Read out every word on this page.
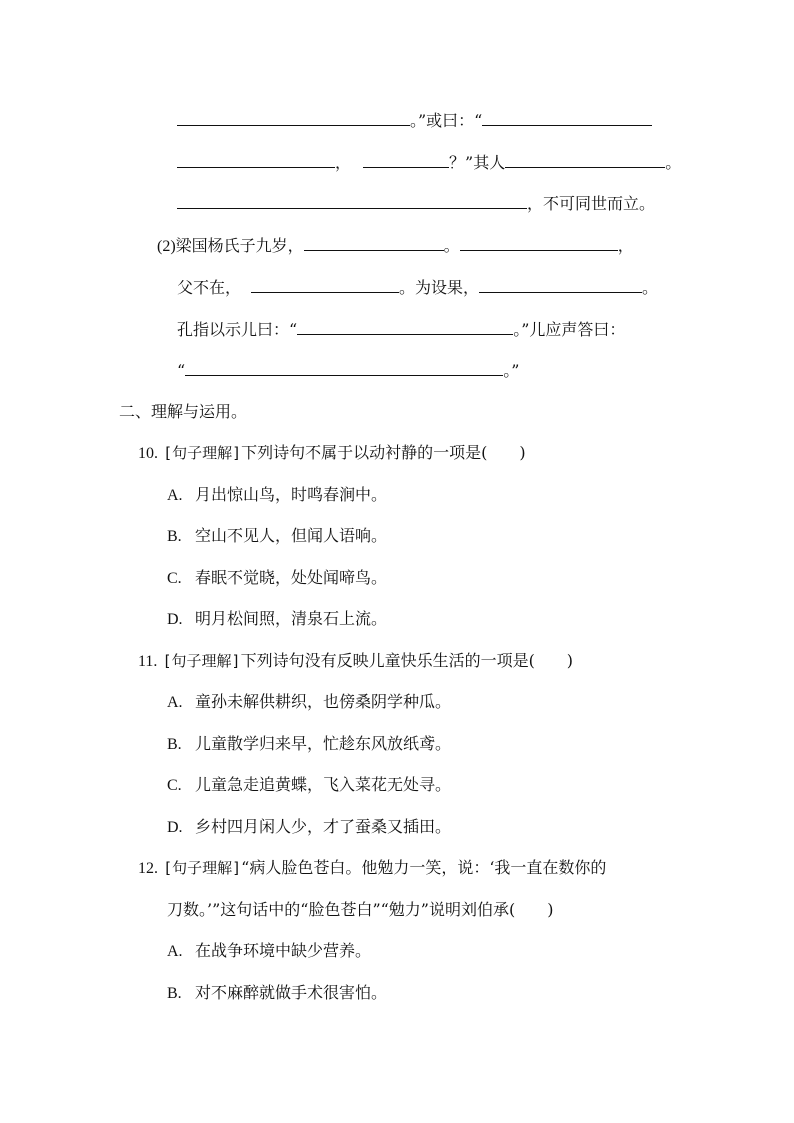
。”或曰：“
，	？”其人	。
，不可同世而立。
(2)梁国杨氏子九岁，	。	，
父不在，	。为设果，	。
孔指以示儿曰：“	。”儿应声答曰：
“	。”
二、理解与运用。
10. [句子理解]下列诗句不属于以动衬静的一项是(　　)
A. 月出惊山鸟，时鸣春涧中。
B. 空山不见人，但闻人语响。
C. 春眠不觉晓，处处闻啼鸟。
D. 明月松间照，清泉石上流。
11. [句子理解]下列诗句没有反映儿童快乐生活的一项是(　　)
A. 童孙未解供耕织，也傍桑阴学种瓜。
B. 儿童散学归来早，忙趁东风放纸鸢。
C. 儿童急走追黄蝶，飞入菜花无处寻。
D. 乡村四月闲人少，才了蚕桑又插田。
12. [句子理解]“病人脸色苍白。他勉力一笑，说：‘我一直在数你的
刀数。’”这句话中的“脸色苍白”“勉力”说明刘伯承(　　)
A. 在战争环境中缺少营养。
B. 对不麻醉就做手术很害怕。
